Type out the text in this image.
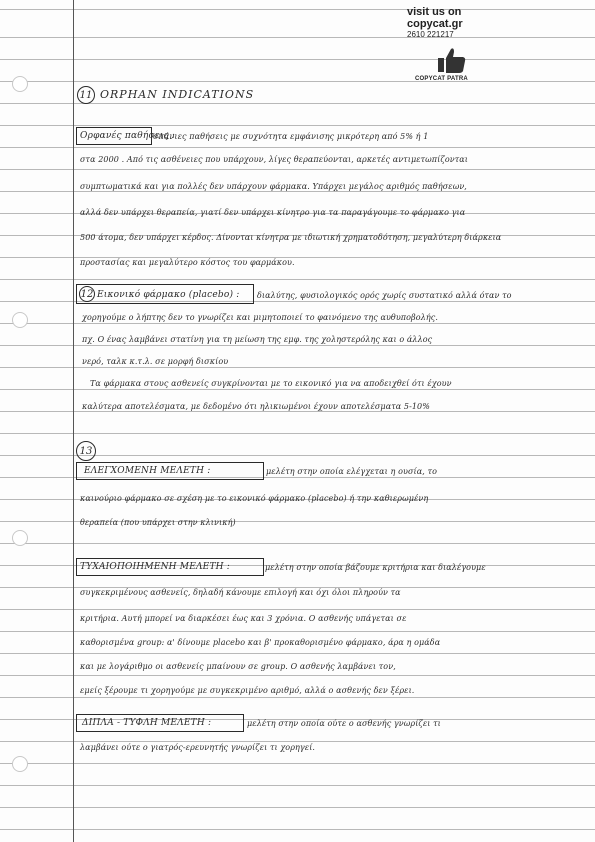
visit us on
copycat.gr
2610 221217
COPYCAT PATRA
11 ORPHAN INDICATIONS
Ορφανές παθήσεις :
σπάνιες παθήσεις με συχνότητα εμφάνισης μικρότερη από 5% ή 1
στα 2000 . Από τις ασθένειες που υπάρχουν, λίγες θεραπεύονται, αρκετές αντιμετωπίζονται
συμπτωματικά και για πολλές δεν υπάρχουν φάρμακα. Υπάρχει μεγάλος αριθμός παθήσεων,
αλλά δεν υπάρχει θεραπεία, γιατί δεν υπάρχει κίνητρο για τα παραγάγουμε το φάρμακο για
500 άτομα, δεν υπάρχει κέρδος. Δίνονται κίνητρα με ιδιωτική χρηματοδότηση, μεγαλύτερη διάρκεια
προστασίας και μεγαλύτερο κόστος του φαρμάκου.
12 Εικονικό φάρμακο (placebo) : διαλύτης, φυσιολογικός ορός χωρίς συστατικό αλλά όταν το
χορηγούμε ο λήπτης δεν το γνωρίζει και μιμητοποιεί το φαινόμενο της αυθυποβολής.
πχ. Ο ένας λαμβάνει στατίνη για τη μείωση της εμφ. της χοληστερόλης και ο άλλος
νερό, ταλκ κ.τ.λ. σε μορφή δισκίου
Τα φάρμακα στους ασθενείς συγκρίνονται με το εικονικό για να αποδειχθεί ότι έχουν
καλύτερα αποτελέσματα, με δεδομένο ότι ηλικιωμένοι έχουν αποτελέσματα 5-10%
13
ΕΛΕΓΧΟΜΕΝΗ ΜΕΛΕΤΗ :	μελέτη στην οποία ελέγχεται η ουσία, το
καινούριο φάρμακο σε σχέση με το εικονικό φάρμακο (placebo) ή την καθιερωμένη
θεραπεία (που υπάρχει στην κλινική)
ΤΥΧΑΙΟΠΟΙΗΜΕΝΗ ΜΕΛΕΤΗ :	μελέτη στην οποία βάζουμε κριτήρια και διαλέγουμε
συγκεκριμένους ασθενείς, δηλαδή κάνουμε επιλογή και όχι όλοι πληρούν τα
κριτήρια. Αυτή μπορεί να διαρκέσει έως και 3 χρόνια. Ο ασθενής υπάγεται σε
καθορισμένα group: α' δίνουμε placebo και β' προκαθορισμένο φάρμακο, άρα η ομάδα
και με λογάριθμο οι ασθενείς μπαίνουν σε group. Ο ασθενής λαμβάνει τον,
εμείς ξέρουμε τι χορηγούμε με συγκεκριμένο αριθμό, αλλά ο ασθενής δεν ξέρει.
ΔΙΠΛΑ - ΤΥΦΛΗ ΜΕΛΕΤΗ :	μελέτη στην οποία ούτε ο ασθενής γνωρίζει τι
λαμβάνει ούτε ο γιατρός-ερευνητής γνωρίζει τι χορηγεί.
